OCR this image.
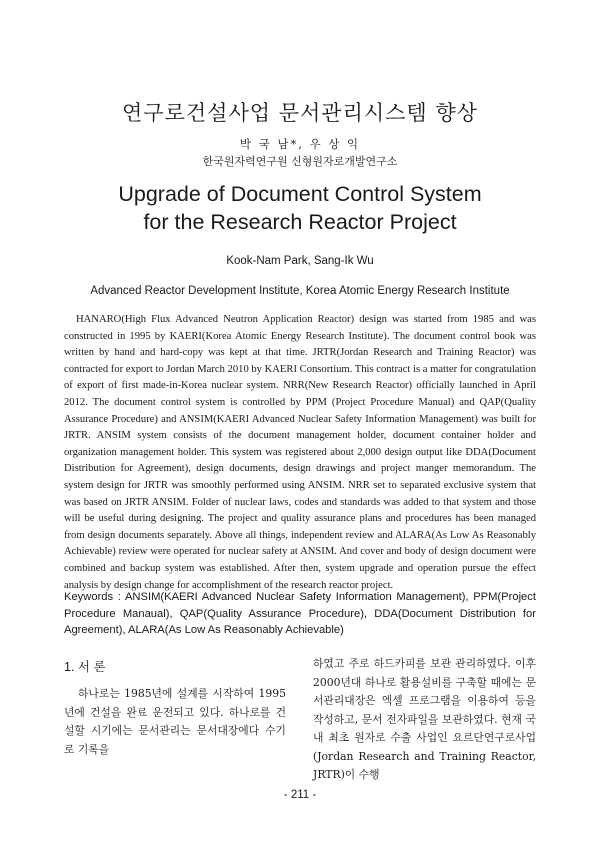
연구로건설사업 문서관리시스템 향상
박 국 남*, 우 상 익
한국원자력연구원 신형원자로개발연구소
Upgrade of Document Control System
for the Research Reactor Project
Kook-Nam Park, Sang-Ik Wu
Advanced Reactor Development Institute, Korea Atomic Energy Research Institute

HANARO(High Flux Advanced Neutron Application Reactor) design was started from 1985 and was constructed in 1995 by KAERI(Korea Atomic Energy Research Institute). The document control book was written by hand and hard-copy was kept at that time. JRTR(Jordan Research and Training Reactor) was contracted for export to Jordan March 2010 by KAERI Consortium. This contract is a matter for congratulation of export of first made-in-Korea nuclear system. NRR(New Research Reactor) officially launched in April 2012. The document control system is controlled by PPM (Project Procedure Manual) and QAP(Quality Assurance Procedure) and ANSIM(KAERI Advanced Nuclear Safety Information Management) was built for JRTR. ANSIM system consists of the document management holder, document container holder and organization management holder. This system was registered about 2,000 design output like DDA(Document Distribution for Agreement), design documents, design drawings and project manger memorandum. The system design for JRTR was smoothly performed using ANSIM. NRR set to separated exclusive system that was based on JRTR ANSIM. Folder of nuclear laws, codes and standards was added to that system and those will be useful during designing. The project and quality assurance plans and procedures has been managed from design documents separately. Above all things, independent review and ALARA(As Low As Reasonably Achievable) review were operated for nuclear safety at ANSIM. And cover and body of design document were combined and backup system was established. After then, system upgrade and operation pursue the effect analysis by design change for accomplishment of the research reactor project.

Keywords : ANSIM(KAERI Advanced Nuclear Safety Information Management), PPM(Project Procedure Manaual), QAP(Quality Assurance Procedure), DDA(Document Distribution for Agreement), ALARA(As Low As Reasonably Achievable)

1. 서 론

하나로는 1985년에 설계를 시작하여 1995년에 건설을 완료 운전되고 있다. 하나로를 건설할 시기에는 문서관리는 문서대장에다 수기로 기록을

하였고 주로 하드카피를 보관 관리하였다. 이후 2000년대 하나로 활용설비를 구축할 때에는 문서관리대장은 엑셀 프로그램을 이용하여 등을 작성하고, 문서 전자파일을 보관하였다. 현재 국내 최초 원자로 수출 사업인 요르단연구로사업(Jordan Research and Training Reactor, JRTR)이 수행

- 211 -
